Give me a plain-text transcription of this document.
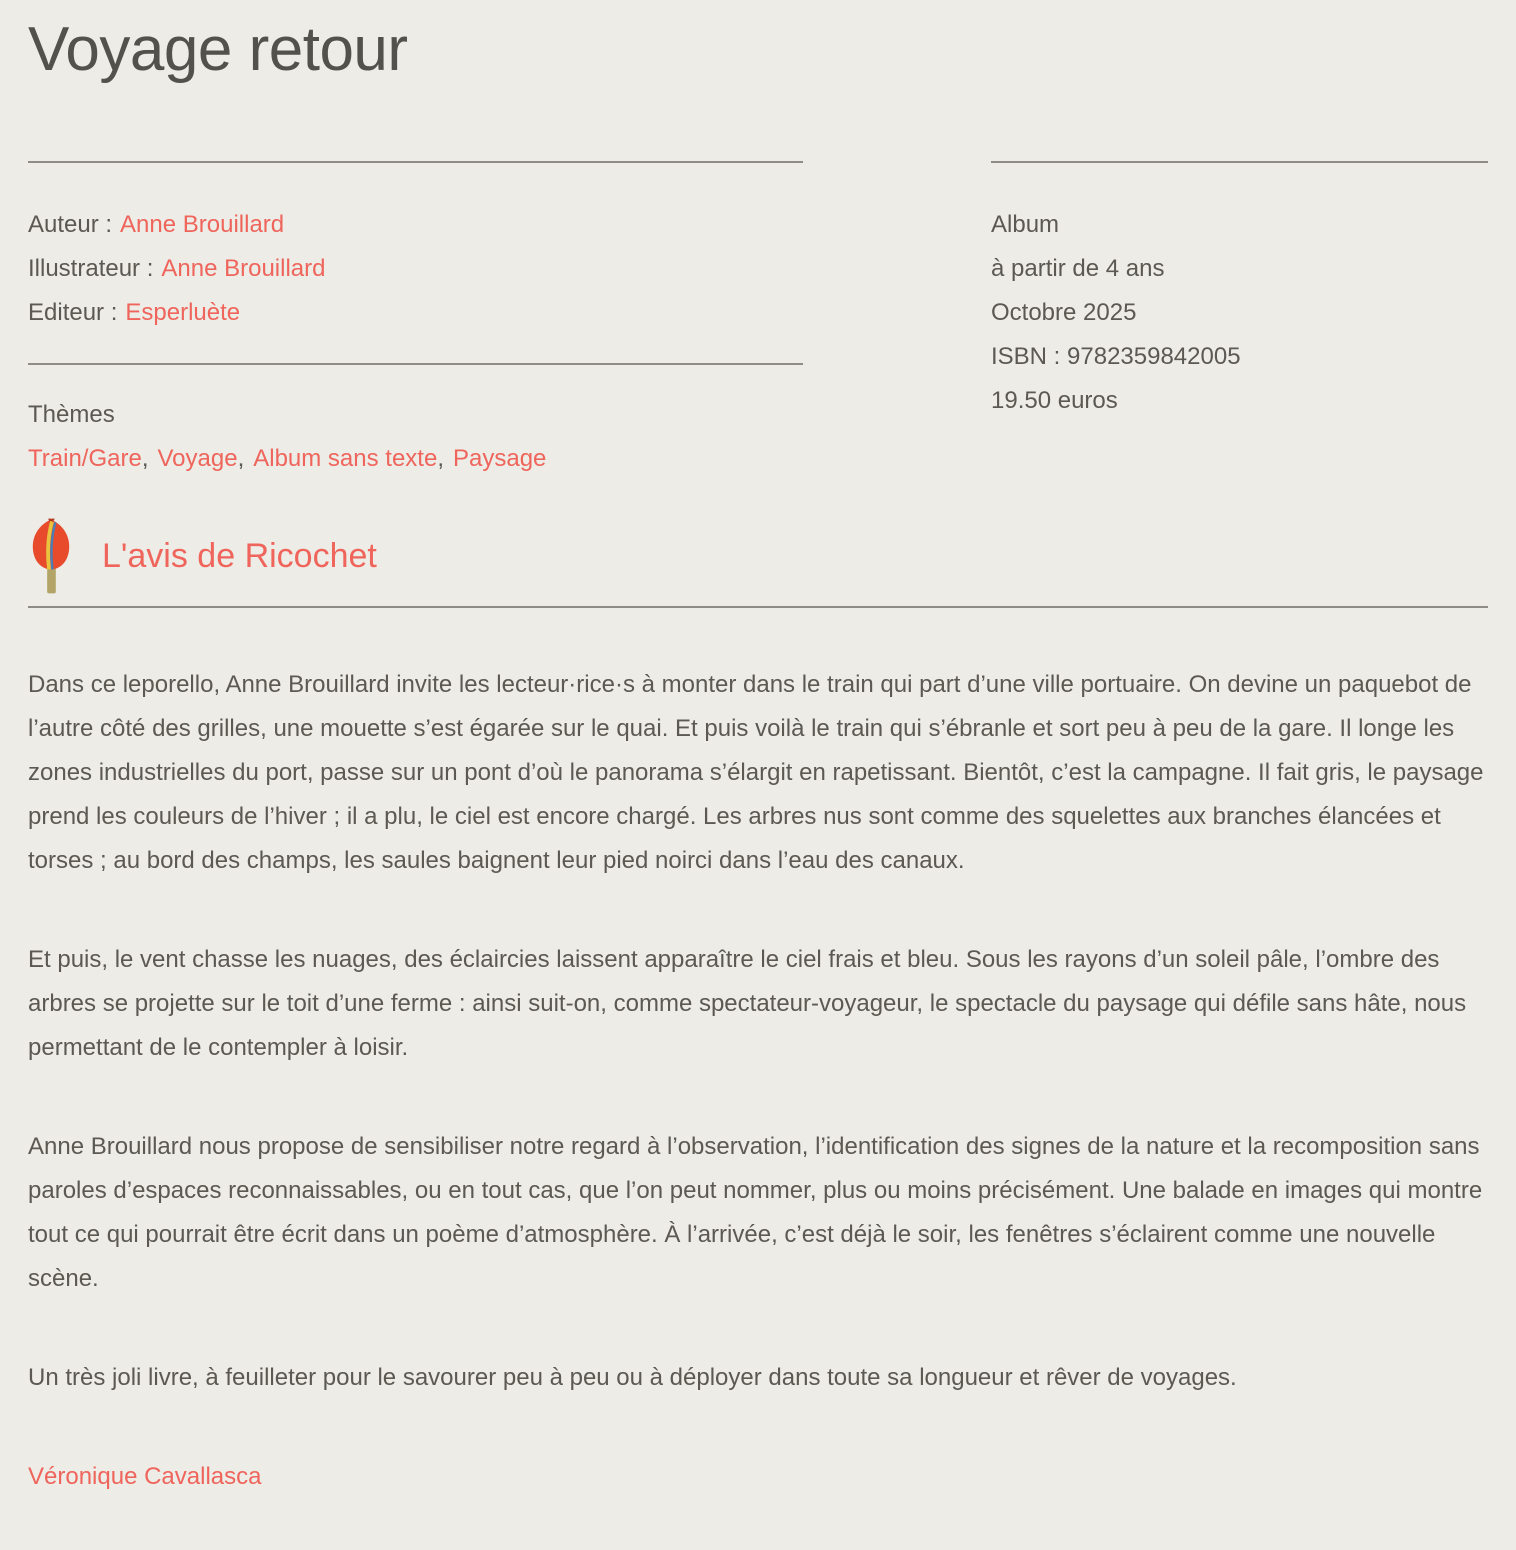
Voyage retour
Auteur : Anne Brouillard
Illustrateur : Anne Brouillard
Editeur : Esperluète
Thèmes
Train/Gare, Voyage, Album sans texte, Paysage
Album
à partir de 4 ans
Octobre 2025
ISBN : 9782359842005
19.50 euros
L'avis de Ricochet

Dans ce leporello, Anne Brouillard invite les lecteur·rice·s à monter dans le train qui part d’une ville portuaire. On devine un paquebot de l’autre côté des grilles, une mouette s’est égarée sur le quai. Et puis voilà le train qui s’ébranle et sort peu à peu de la gare. Il longe les zones industrielles du port, passe sur un pont d’où le panorama s’élargit en rapetissant. Bientôt, c’est la campagne. Il fait gris, le paysage prend les couleurs de l’hiver ; il a plu, le ciel est encore chargé. Les arbres nus sont comme des squelettes aux branches élancées et torses ; au bord des champs, les saules baignent leur pied noirci dans l’eau des canaux.

Et puis, le vent chasse les nuages, des éclaircies laissent apparaître le ciel frais et bleu. Sous les rayons d’un soleil pâle, l’ombre des arbres se projette sur le toit d’une ferme : ainsi suit-on, comme spectateur-voyageur, le spectacle du paysage qui défile sans hâte, nous permettant de le contempler à loisir.

Anne Brouillard nous propose de sensibiliser notre regard à l’observation, l’identification des signes de la nature et la recomposition sans paroles d’espaces reconnaissables, ou en tout cas, que l’on peut nommer, plus ou moins précisément. Une balade en images qui montre tout ce qui pourrait être écrit dans un poème d’atmosphère. À l’arrivée, c’est déjà le soir, les fenêtres s’éclairent comme une nouvelle scène.

Un très joli livre, à feuilleter pour le savourer peu à peu ou à déployer dans toute sa longueur et rêver de voyages.

Véronique Cavallasca
